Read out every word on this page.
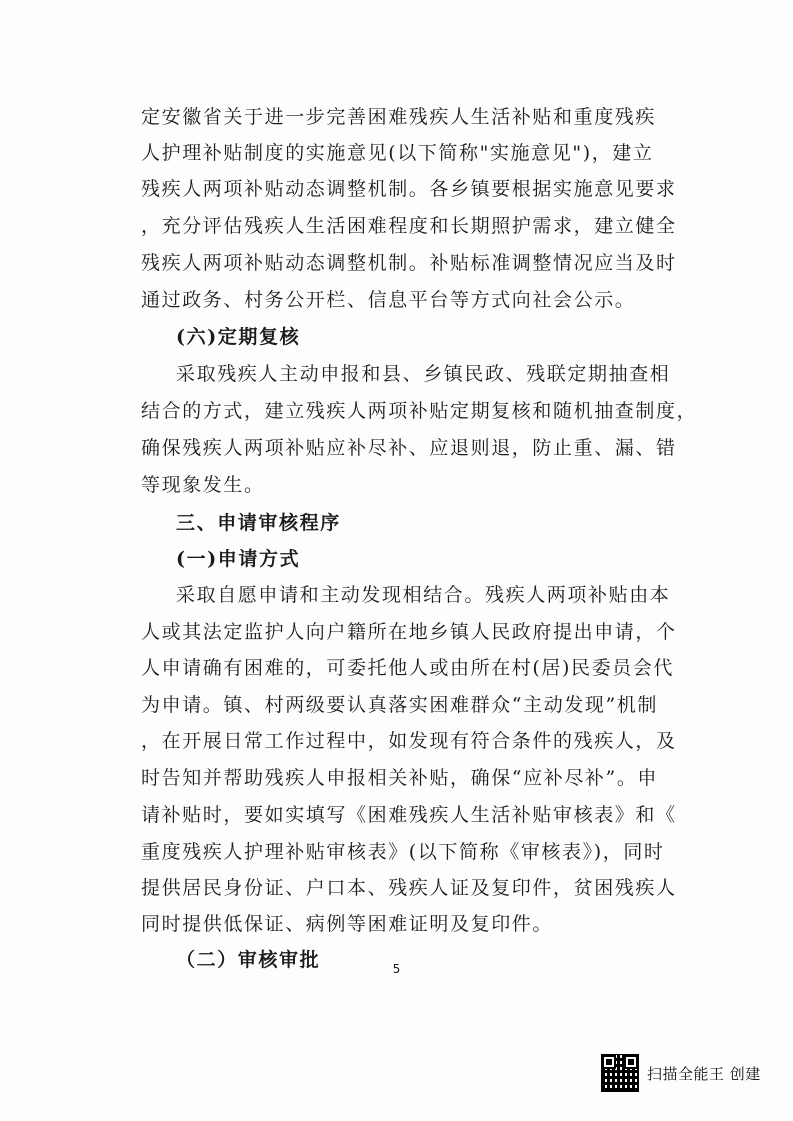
定安徽省关于进一步完善困难残疾人生活补贴和重度残疾
人护理补贴制度的实施意见(以下简称"实施意见")，建立
残疾人两项补贴动态调整机制。各乡镇要根据实施意见要求
，充分评估残疾人生活困难程度和长期照护需求，建立健全
残疾人两项补贴动态调整机制。补贴标准调整情况应当及时
通过政务、村务公开栏、信息平台等方式向社会公示。
(六)定期复核
采取残疾人主动申报和县、乡镇民政、残联定期抽查相
结合的方式，建立残疾人两项补贴定期复核和随机抽查制度，
确保残疾人两项补贴应补尽补、应退则退，防止重、漏、错
等现象发生。
三、申请审核程序
(一)申请方式
采取自愿申请和主动发现相结合。残疾人两项补贴由本
人或其法定监护人向户籍所在地乡镇人民政府提出申请，个
人申请确有困难的，可委托他人或由所在村(居)民委员会代
为申请。镇、村两级要认真落实困难群众“主动发现”机制
，在开展日常工作过程中，如发现有符合条件的残疾人，及
时告知并帮助残疾人申报相关补贴，确保“应补尽补”。申
请补贴时，要如实填写《困难残疾人生活补贴审核表》和《
重度残疾人护理补贴审核表》(以下简称《审核表》)，同时
提供居民身份证、户口本、残疾人证及复印件，贫困残疾人
同时提供低保证、病例等困难证明及复印件。
（二）审核审批	5
扫描全能王 创建
